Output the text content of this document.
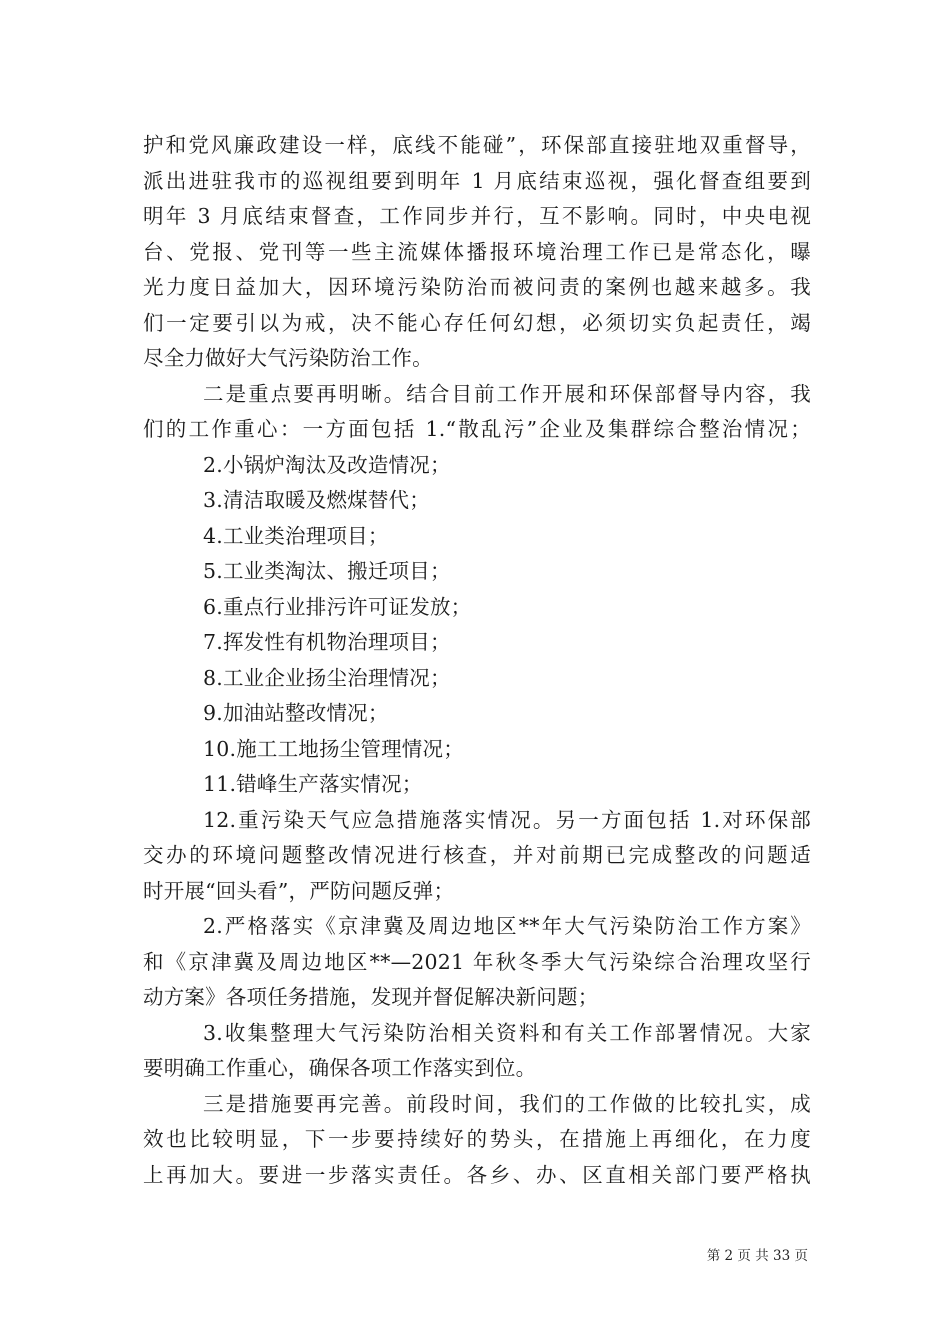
护和党风廉政建设一样，底线不能碰”，环保部直接驻地双重督导，
派出进驻我市的巡视组要到明年 1 月底结束巡视，强化督查组要到
明年 3 月底结束督查，工作同步并行，互不影响。同时，中央电视
台、党报、党刊等一些主流媒体播报环境治理工作已是常态化，曝
光力度日益加大，因环境污染防治而被问责的案例也越来越多。我
们一定要引以为戒，决不能心存任何幻想，必须切实负起责任，竭
尽全力做好大气污染防治工作。
二是重点要再明晰。结合目前工作开展和环保部督导内容，我
们的工作重心：一方面包括 1.“散乱污”企业及集群综合整治情况；
2.小锅炉淘汰及改造情况；
3.清洁取暖及燃煤替代；
4.工业类治理项目；
5.工业类淘汰、搬迁项目；
6.重点行业排污许可证发放；
7.挥发性有机物治理项目；
8.工业企业扬尘治理情况；
9.加油站整改情况；
10.施工工地扬尘管理情况；
11.错峰生产落实情况；
12.重污染天气应急措施落实情况。另一方面包括 1.对环保部
交办的环境问题整改情况进行核查，并对前期已完成整改的问题适
时开展“回头看”，严防问题反弹；
2.严格落实《京津冀及周边地区**年大气污染防治工作方案》
和《京津冀及周边地区**—2021 年秋冬季大气污染综合治理攻坚行
动方案》各项任务措施，发现并督促解决新问题；
3.收集整理大气污染防治相关资料和有关工作部署情况。大家
要明确工作重心，确保各项工作落实到位。
三是措施要再完善。前段时间，我们的工作做的比较扎实，成
效也比较明显，下一步要持续好的势头，在措施上再细化，在力度
上再加大。要进一步落实责任。各乡、办、区直相关部门要严格执
第 2 页 共 33 页
